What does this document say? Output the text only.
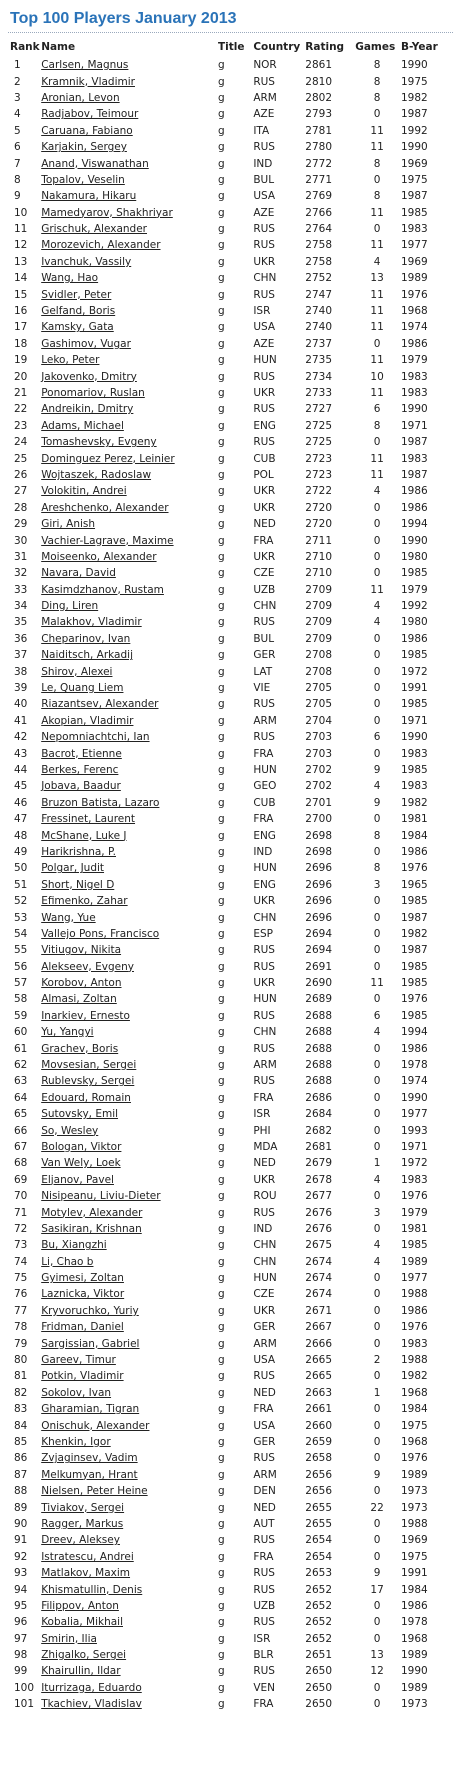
Top 100 Players January 2013
Rank	Name	Title	Country	Rating	Games	B-Year
1	Carlsen, Magnus	g	NOR	2861	8	1990
2	Kramnik, Vladimir	g	RUS	2810	8	1975
3	Aronian, Levon	g	ARM	2802	8	1982
4	Radjabov, Teimour	g	AZE	2793	0	1987
5	Caruana, Fabiano	g	ITA	2781	11	1992
6	Karjakin, Sergey	g	RUS	2780	11	1990
7	Anand, Viswanathan	g	IND	2772	8	1969
8	Topalov, Veselin	g	BUL	2771	0	1975
9	Nakamura, Hikaru	g	USA	2769	8	1987
10	Mamedyarov, Shakhriyar	g	AZE	2766	11	1985
11	Grischuk, Alexander	g	RUS	2764	0	1983
12	Morozevich, Alexander	g	RUS	2758	11	1977
13	Ivanchuk, Vassily	g	UKR	2758	4	1969
14	Wang, Hao	g	CHN	2752	13	1989
15	Svidler, Peter	g	RUS	2747	11	1976
16	Gelfand, Boris	g	ISR	2740	11	1968
17	Kamsky, Gata	g	USA	2740	11	1974
18	Gashimov, Vugar	g	AZE	2737	0	1986
19	Leko, Peter	g	HUN	2735	11	1979
20	Jakovenko, Dmitry	g	RUS	2734	10	1983
21	Ponomariov, Ruslan	g	UKR	2733	11	1983
22	Andreikin, Dmitry	g	RUS	2727	6	1990
23	Adams, Michael	g	ENG	2725	8	1971
24	Tomashevsky, Evgeny	g	RUS	2725	0	1987
25	Dominguez Perez, Leinier	g	CUB	2723	11	1983
26	Wojtaszek, Radoslaw	g	POL	2723	11	1987
27	Volokitin, Andrei	g	UKR	2722	4	1986
28	Areshchenko, Alexander	g	UKR	2720	0	1986
29	Giri, Anish	g	NED	2720	0	1994
30	Vachier-Lagrave, Maxime	g	FRA	2711	0	1990
31	Moiseenko, Alexander	g	UKR	2710	0	1980
32	Navara, David	g	CZE	2710	0	1985
33	Kasimdzhanov, Rustam	g	UZB	2709	11	1979
34	Ding, Liren	g	CHN	2709	4	1992
35	Malakhov, Vladimir	g	RUS	2709	4	1980
36	Cheparinov, Ivan	g	BUL	2709	0	1986
37	Naiditsch, Arkadij	g	GER	2708	0	1985
38	Shirov, Alexei	g	LAT	2708	0	1972
39	Le, Quang Liem	g	VIE	2705	0	1991
40	Riazantsev, Alexander	g	RUS	2705	0	1985
41	Akopian, Vladimir	g	ARM	2704	0	1971
42	Nepomniachtchi, Ian	g	RUS	2703	6	1990
43	Bacrot, Etienne	g	FRA	2703	0	1983
44	Berkes, Ferenc	g	HUN	2702	9	1985
45	Jobava, Baadur	g	GEO	2702	4	1983
46	Bruzon Batista, Lazaro	g	CUB	2701	9	1982
47	Fressinet, Laurent	g	FRA	2700	0	1981
48	McShane, Luke J	g	ENG	2698	8	1984
49	Harikrishna, P.	g	IND	2698	0	1986
50	Polgar, Judit	g	HUN	2696	8	1976
51	Short, Nigel D	g	ENG	2696	3	1965
52	Efimenko, Zahar	g	UKR	2696	0	1985
53	Wang, Yue	g	CHN	2696	0	1987
54	Vallejo Pons, Francisco	g	ESP	2694	0	1982
55	Vitiugov, Nikita	g	RUS	2694	0	1987
56	Alekseev, Evgeny	g	RUS	2691	0	1985
57	Korobov, Anton	g	UKR	2690	11	1985
58	Almasi, Zoltan	g	HUN	2689	0	1976
59	Inarkiev, Ernesto	g	RUS	2688	6	1985
60	Yu, Yangyi	g	CHN	2688	4	1994
61	Grachev, Boris	g	RUS	2688	0	1986
62	Movsesian, Sergei	g	ARM	2688	0	1978
63	Rublevsky, Sergei	g	RUS	2688	0	1974
64	Edouard, Romain	g	FRA	2686	0	1990
65	Sutovsky, Emil	g	ISR	2684	0	1977
66	So, Wesley	g	PHI	2682	0	1993
67	Bologan, Viktor	g	MDA	2681	0	1971
68	Van Wely, Loek	g	NED	2679	1	1972
69	Eljanov, Pavel	g	UKR	2678	4	1983
70	Nisipeanu, Liviu-Dieter	g	ROU	2677	0	1976
71	Motylev, Alexander	g	RUS	2676	3	1979
72	Sasikiran, Krishnan	g	IND	2676	0	1981
73	Bu, Xiangzhi	g	CHN	2675	4	1985
74	Li, Chao b	g	CHN	2674	4	1989
75	Gyimesi, Zoltan	g	HUN	2674	0	1977
76	Laznicka, Viktor	g	CZE	2674	0	1988
77	Kryvoruchko, Yuriy	g	UKR	2671	0	1986
78	Fridman, Daniel	g	GER	2667	0	1976
79	Sargissian, Gabriel	g	ARM	2666	0	1983
80	Gareev, Timur	g	USA	2665	2	1988
81	Potkin, Vladimir	g	RUS	2665	0	1982
82	Sokolov, Ivan	g	NED	2663	1	1968
83	Gharamian, Tigran	g	FRA	2661	0	1984
84	Onischuk, Alexander	g	USA	2660	0	1975
85	Khenkin, Igor	g	GER	2659	0	1968
86	Zvjaginsev, Vadim	g	RUS	2658	0	1976
87	Melkumyan, Hrant	g	ARM	2656	9	1989
88	Nielsen, Peter Heine	g	DEN	2656	0	1973
89	Tiviakov, Sergei	g	NED	2655	22	1973
90	Ragger, Markus	g	AUT	2655	0	1988
91	Dreev, Aleksey	g	RUS	2654	0	1969
92	Istratescu, Andrei	g	FRA	2654	0	1975
93	Matlakov, Maxim	g	RUS	2653	9	1991
94	Khismatullin, Denis	g	RUS	2652	17	1984
95	Filippov, Anton	g	UZB	2652	0	1986
96	Kobalia, Mikhail	g	RUS	2652	0	1978
97	Smirin, Ilia	g	ISR	2652	0	1968
98	Zhigalko, Sergei	g	BLR	2651	13	1989
99	Khairullin, Ildar	g	RUS	2650	12	1990
100	Iturrizaga, Eduardo	g	VEN	2650	0	1989
101	Tkachiev, Vladislav	g	FRA	2650	0	1973
